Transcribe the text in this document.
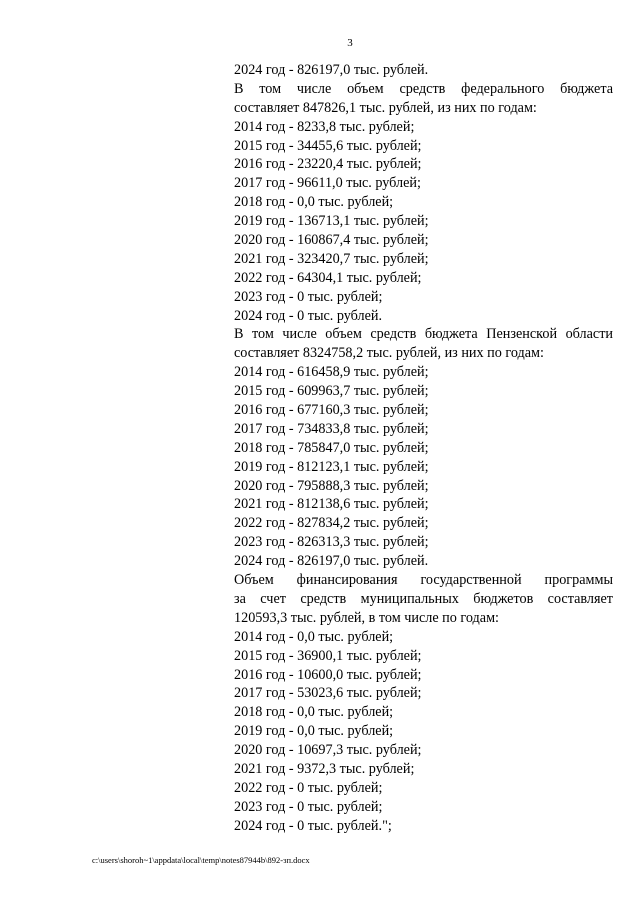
3
2024 год - 826197,0 тыс. рублей.
В том числе объем средств федерального бюджета
составляет 847826,1 тыс. рублей, из них по годам:
2014 год - 8233,8 тыс. рублей;
2015 год - 34455,6 тыс. рублей;
2016 год - 23220,4 тыс. рублей;
2017 год - 96611,0 тыс. рублей;
2018 год - 0,0 тыс. рублей;
2019 год - 136713,1 тыс. рублей;
2020 год - 160867,4 тыс. рублей;
2021 год - 323420,7 тыс. рублей;
2022 год - 64304,1 тыс. рублей;
2023 год - 0 тыс. рублей;
2024 год - 0 тыс. рублей.
В том числе объем средств бюджета Пензенской области
составляет 8324758,2 тыс. рублей, из них по годам:
2014 год - 616458,9 тыс. рублей;
2015 год - 609963,7 тыс. рублей;
2016 год - 677160,3 тыс. рублей;
2017 год - 734833,8 тыс. рублей;
2018 год - 785847,0 тыс. рублей;
2019 год - 812123,1 тыс. рублей;
2020 год - 795888,3 тыс. рублей;
2021 год - 812138,6 тыс. рублей;
2022 год - 827834,2 тыс. рублей;
2023 год - 826313,3 тыс. рублей;
2024 год - 826197,0 тыс. рублей.
Объем финансирования государственной программы
за счет средств муниципальных бюджетов составляет
120593,3 тыс. рублей, в том числе по годам:
2014 год - 0,0 тыс. рублей;
2015 год - 36900,1 тыс. рублей;
2016 год - 10600,0 тыс. рублей;
2017 год - 53023,6 тыс. рублей;
2018 год - 0,0 тыс. рублей;
2019 год - 0,0 тыс. рублей;
2020 год - 10697,3 тыс. рублей;
2021 год - 9372,3 тыс. рублей;
2022 год - 0 тыс. рублей;
2023 год - 0 тыс. рублей;
2024 год - 0 тыс. рублей.";
c:\users\shoroh~1\appdata\local\temp\notes87944b\892-зп.docx
